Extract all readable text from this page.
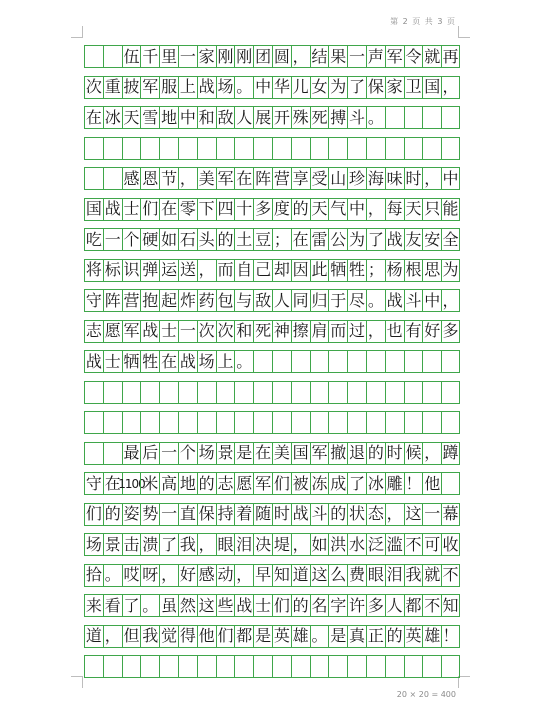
第 2 页 共 3 页
伍 千 里 一 家 刚 刚 团 圆 ， 结 果 一 声 军 令 就 再
次 重 披 军 服 上 战 场 。 中 华 儿 女 为 了 保 家 卫 国 ，
在 冰 天 雪 地 中 和 敌 人 展 开 殊 死 搏 斗 。
感 恩 节 ， 美 军 在 阵 营 享 受 山 珍 海 味 时 ， 中
国 战 士 们 在 零 下 四 十 多 度 的 天 气 中 ， 每 天 只 能
吃 一 个 硬 如 石 头 的 土 豆 ； 在 雷 公 为 了 战 友 安 全
将 标 识 弹 运 送 ， 而 自 己 却 因 此 牺 牲 ； 杨 根 思 为
守 阵 营 抱 起 炸 药 包 与 敌 人 同 归 于 尽 。 战 斗 中 ，
志 愿 军 战 士 一 次 次 和 死 神 擦 肩 而 过 ， 也 有 好 多
战 士 牺 牲 在 战 场 上 。
最 后 一 个 场 景 是 在 美 国 军 撤 退 的 时 候 ， 蹲
守 在
1100
米 高 地 的 志 愿 军 们 被 冻 成 了 冰 雕 ！ 他
们 的 姿 势 一 直 保 持 着 随 时 战 斗 的 状 态 ， 这 一 幕
场 景 击 溃 了 我 ， 眼 泪 决 堤 ， 如 洪 水 泛 滥 不 可 收
拾 。 哎 呀 ， 好 感 动 ， 早 知 道 这 么 费 眼 泪 我 就 不
来 看 了 。 虽 然 这 些 战 士 们 的 名 字 许 多 人 都 不 知
道 ， 但 我 觉 得 他 们 都 是 英 雄 。 是 真 正 的 英 雄 ！
20 × 20 = 400
